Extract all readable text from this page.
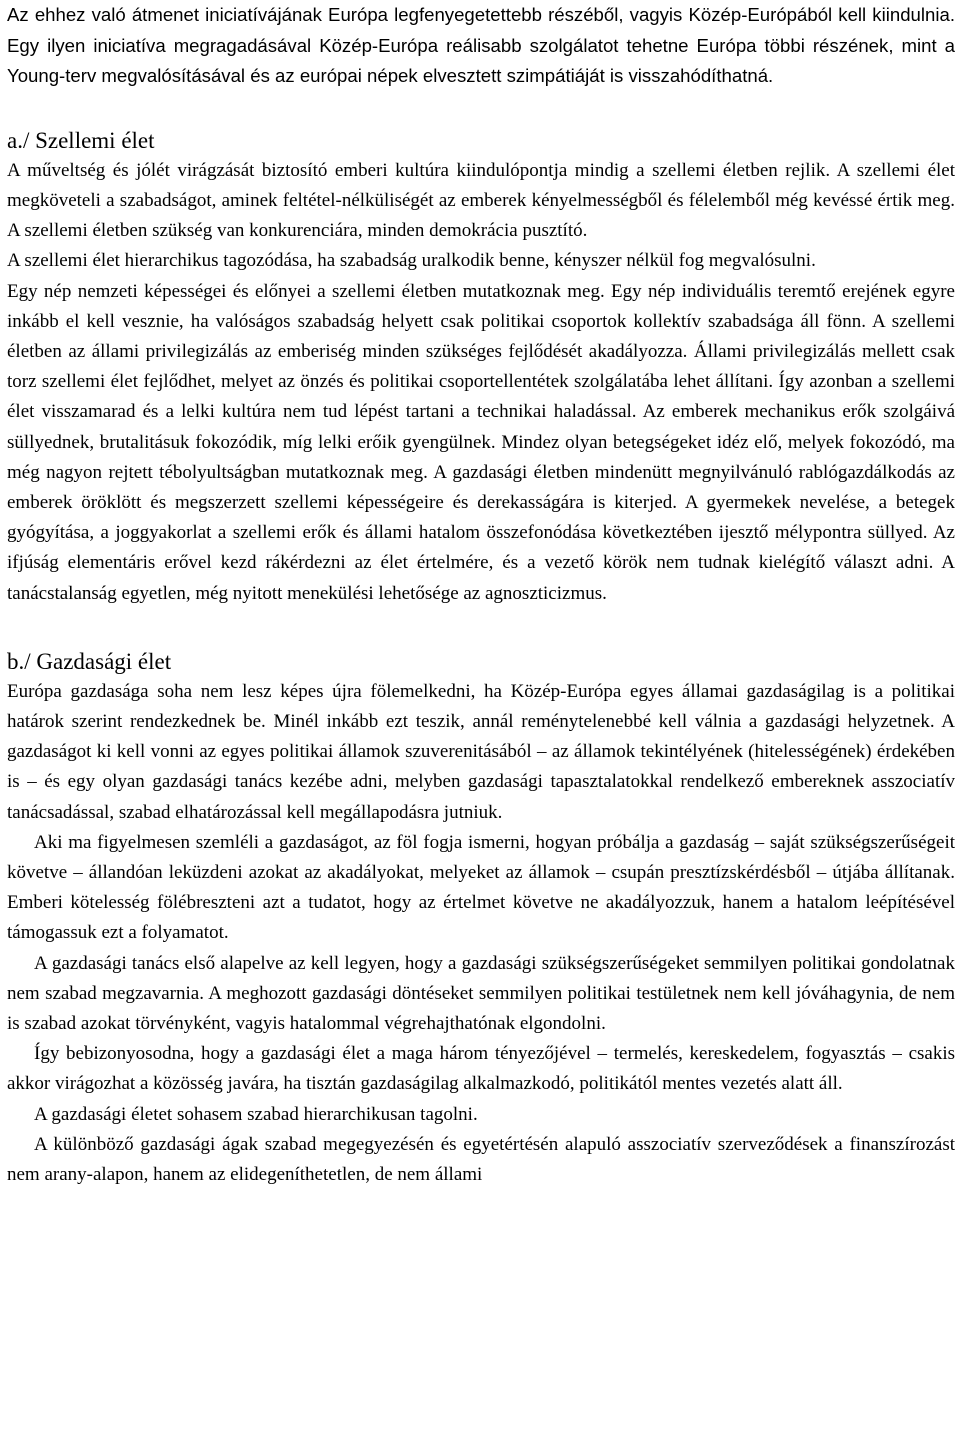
Az ehhez való átmenet iniciatívájának Európa legfenyegetettebb részéből, vagyis Közép-Európából kell kiindulnia. Egy ilyen iniciatíva megragadásával Közép-Európa reálisabb szolgálatot tehetne Európa többi részének, mint a Young-terv megvalósításával és az európai népek elvesztett szimpátiáját is visszahódíthatná.

a./ Szellemi élet

A műveltség és jólét virágzását biztosító emberi kultúra kiindulópontja mindig a szellemi életben rejlik. A szellemi élet megköveteli a szabadságot, aminek feltétel-nélküliségét az emberek kényelmességből és félelemből még kevéssé értik meg. A szellemi életben szükség van konkurenciára, minden demokrácia pusztító.

A szellemi élet hierarchikus tagozódása, ha szabadság uralkodik benne, kényszer nélkül fog megvalósulni.

Egy nép nemzeti képességei és előnyei a szellemi életben mutatkoznak meg. Egy nép individuális teremtő erejének egyre inkább el kell vesznie, ha valóságos szabadság helyett csak politikai csoportok kollektív szabadsága áll fönn. A szellemi életben az állami privilegizálás az emberiség minden szükséges fejlődését akadályozza. Állami privilegizálás mellett csak torz szellemi élet fejlődhet, melyet az önzés és politikai csoportellentétek szolgálatába lehet állítani. Így azonban a szellemi élet visszamarad és a lelki kultúra nem tud lépést tartani a technikai haladással. Az emberek mechanikus erők szolgáivá süllyednek, brutalitásuk fokozódik, míg lelki erőik gyengülnek. Mindez olyan betegségeket idéz elő, melyek fokozódó, ma még nagyon rejtett tébolyultságban mutatkoznak meg. A gazdasági életben mindenütt megnyilvánuló rablógazdálkodás az emberek öröklött és megszerzett szellemi képességeire és derekasságára is kiterjed. A gyermekek nevelése, a betegek gyógyítása, a joggyakorlat a szellemi erők és állami hatalom összefonódása következtében ijesztő mélypontra süllyed. Az ifjúság elementáris erővel kezd rákérdezni az élet értelmére, és a vezető körök nem tudnak kielégítő választ adni. A tanácstalanság egyetlen, még nyitott menekülési lehetősége az agnoszticizmus.

b./ Gazdasági élet

Európa gazdasága soha nem lesz képes újra fölemelkedni, ha Közép-Európa egyes államai gazdaságilag is a politikai határok szerint rendezkednek be. Minél inkább ezt teszik, annál reménytelenebbé kell válnia a gazdasági helyzetnek. A gazdaságot ki kell vonni az egyes politikai államok szuverenitásából – az államok tekintélyének (hitelességének) érdekében is – és egy olyan gazdasági tanács kezébe adni, melyben gazdasági tapasztalatokkal rendelkező embereknek asszociatív tanácsadással, szabad elhatározással kell megállapodásra jutniuk.

Aki ma figyelmesen szemléli a gazdaságot, az föl fogja ismerni, hogyan próbálja a gazdaság – saját szükségszerűségeit követve – állandóan leküzdeni azokat az akadályokat, melyeket az államok – csupán presztízskérdésből – útjába állítanak. Emberi kötelesség fölébreszteni azt a tudatot, hogy az értelmet követve ne akadályozzuk, hanem a hatalom leépítésével támogassuk ezt a folyamatot.

A gazdasági tanács első alapelve az kell legyen, hogy a gazdasági szükségszerűségeket semmilyen politikai gondolatnak nem szabad megzavarnia. A meghozott gazdasági döntéseket semmilyen politikai testületnek nem kell jóváhagynia, de nem is szabad azokat törvényként, vagyis hatalommal végrehajthatónak elgondolni.

Így bebizonyosodna, hogy a gazdasági élet a maga három tényezőjével – termelés, kereskedelem, fogyasztás – csakis akkor virágozhat a közösség javára, ha tisztán gazdaságilag alkalmazkodó, politikától mentes vezetés alatt áll.

A gazdasági életet sohasem szabad hierarchikusan tagolni.

A különböző gazdasági ágak szabad megegyezésén és egyetértésén alapuló asszociatív szerveződések a finanszírozást nem arany-alapon, hanem az elidegeníthetetlen, de nem állami
